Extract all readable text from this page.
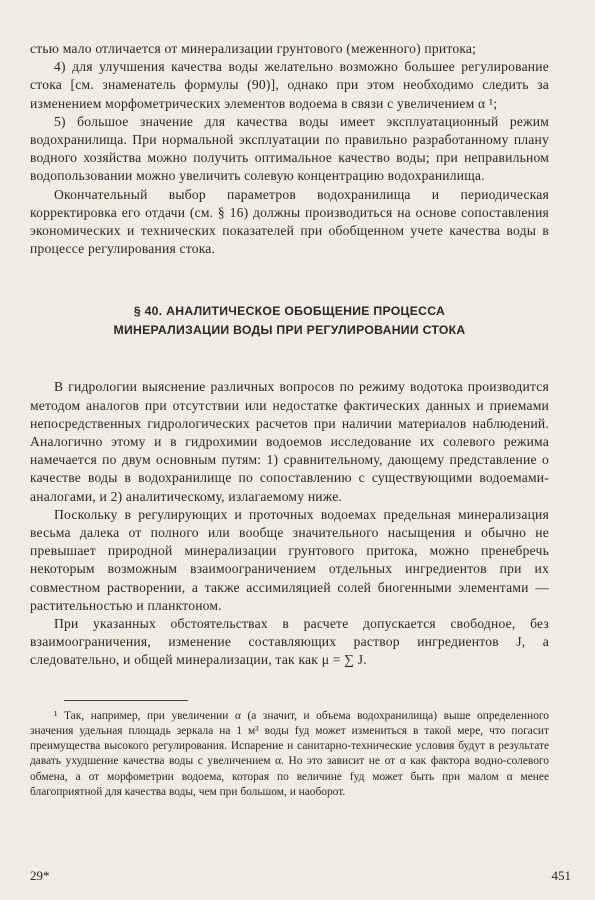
стью мало отличается от минерализации грунтового (меженного) притока;

4) для улучшения качества воды желательно возможно большее регулирование стока [см. знаменатель формулы (90)], однако при этом необходимо следить за изменением морфометрических элементов водоема в связи с увеличением α ¹;

5) большое значение для качества воды имеет эксплуатационный режим водохранилища. При нормальной эксплуатации по правильно разработанному плану водного хозяйства можно получить оптимальное качество воды; при неправильном водопользовании можно увеличить солевую концентрацию водохранилища.

Окончательный выбор параметров водохранилища и периодическая корректировка его отдачи (см. § 16) должны производиться на основе сопоставления экономических и технических показателей при обобщенном учете качества воды в процессе регулирования стока.

§ 40. АНАЛИТИЧЕСКОЕ ОБОБЩЕНИЕ ПРОЦЕССА
МИНЕРАЛИЗАЦИИ ВОДЫ ПРИ РЕГУЛИРОВАНИИ СТОКА

В гидрологии выяснение различных вопросов по режиму водотока производится методом аналогов при отсутствии или недостатке фактических данных и приемами непосредственных гидрологических расчетов при наличии материалов наблюдений. Аналогично этому и в гидрохимии водоемов исследование их солевого режима намечается по двум основным путям: 1) сравнительному, дающему представление о качестве воды в водохранилище по сопоставлению с существующими водоемами-аналогами, и 2) аналитическому, излагаемому ниже.

Поскольку в регулирующих и проточных водоемах предельная минерализация весьма далека от полного или вообще значительного насыщения и обычно не превышает природной минерализации грунтового притока, можно пренебречь некоторым возможным взаимоограничением отдельных ингредиентов при их совместном растворении, а также ассимиляцией солей биогенными элементами — растительностью и планктоном.

При указанных обстоятельствах в расчете допускается свободное, без взаимоограничения, изменение составляющих раствор ингредиентов J, а следовательно, и общей минерализации, так как μ = ∑ J.

¹ Так, например, при увеличении α (а значит, и объема водохранилища) выше определенного значения удельная площадь зеркала на 1 м³ воды fуд может измениться в такой мере, что погасит преимущества высокого регулирования. Испарение и санитарно-технические условия будут в результате давать ухудшение качества воды с увеличением α. Но это зависит не от α как фактора водно-солевого обмена, а от морфометрии водоема, которая по величине fуд может быть при малом α менее благоприятной для качества воды, чем при большом, и наоборот.

29*	451
